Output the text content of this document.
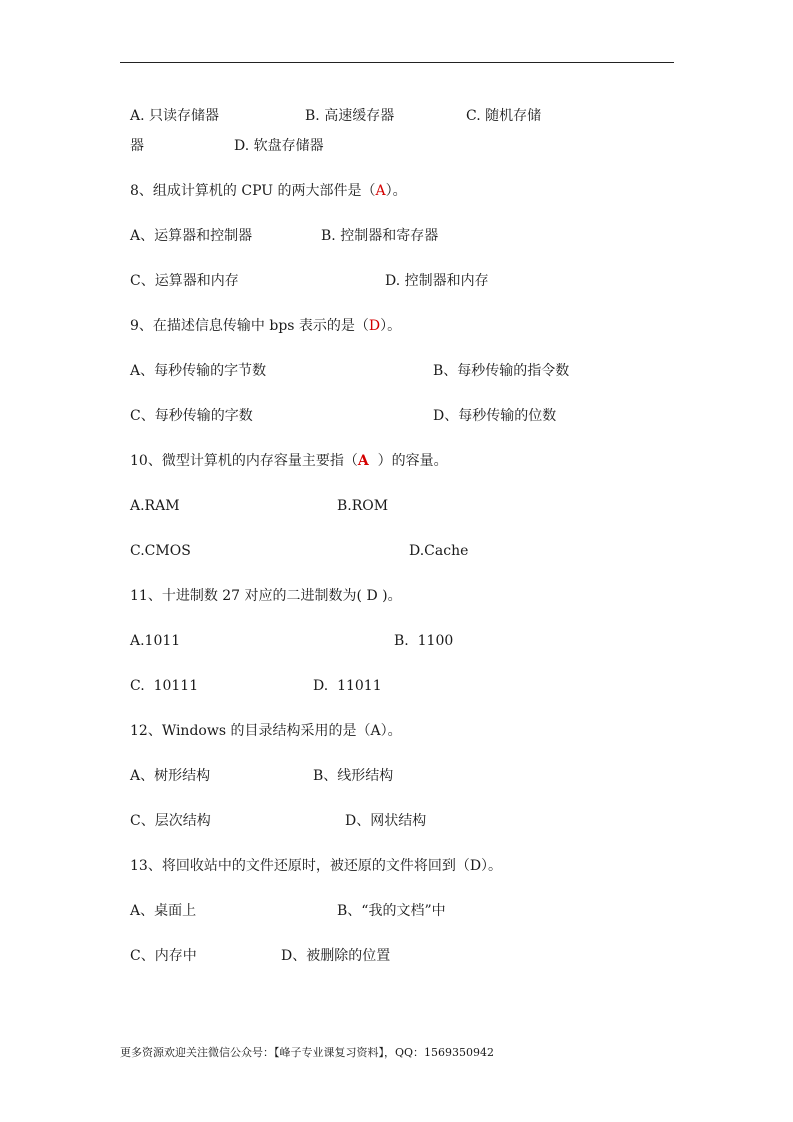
A. 只读存储器	B. 高速缓存器	C. 随机存储
器	D. 软盘存储器
8、组成计算机的 CPU 的两大部件是（A）。
A、运算器和控制器	B. 控制器和寄存器
C、运算器和内存	D. 控制器和内存
9、在描述信息传输中 bps 表示的是（D）。
A、每秒传输的字节数	B、每秒传输的指令数
C、每秒传输的字数	D、每秒传输的位数
10、微型计算机的内存容量主要指（A  ）的容量。
A.RAM	B.ROM
C.CMOS	D.Cache
11、十进制数 27 对应的二进制数为( D )。
A.1011	B.  1100
C.  10111	D.  11011
12、Windows 的目录结构采用的是（A）。
A、树形结构	B、线形结构
C、层次结构	D、网状结构
13、将回收站中的文件还原时，被还原的文件将回到（D）。
A、桌面上	B、“我的文档”中
C、内存中	D、被删除的位置
更多资源欢迎关注微信公众号：【峰子专业课复习资料】，QQ：1569350942
